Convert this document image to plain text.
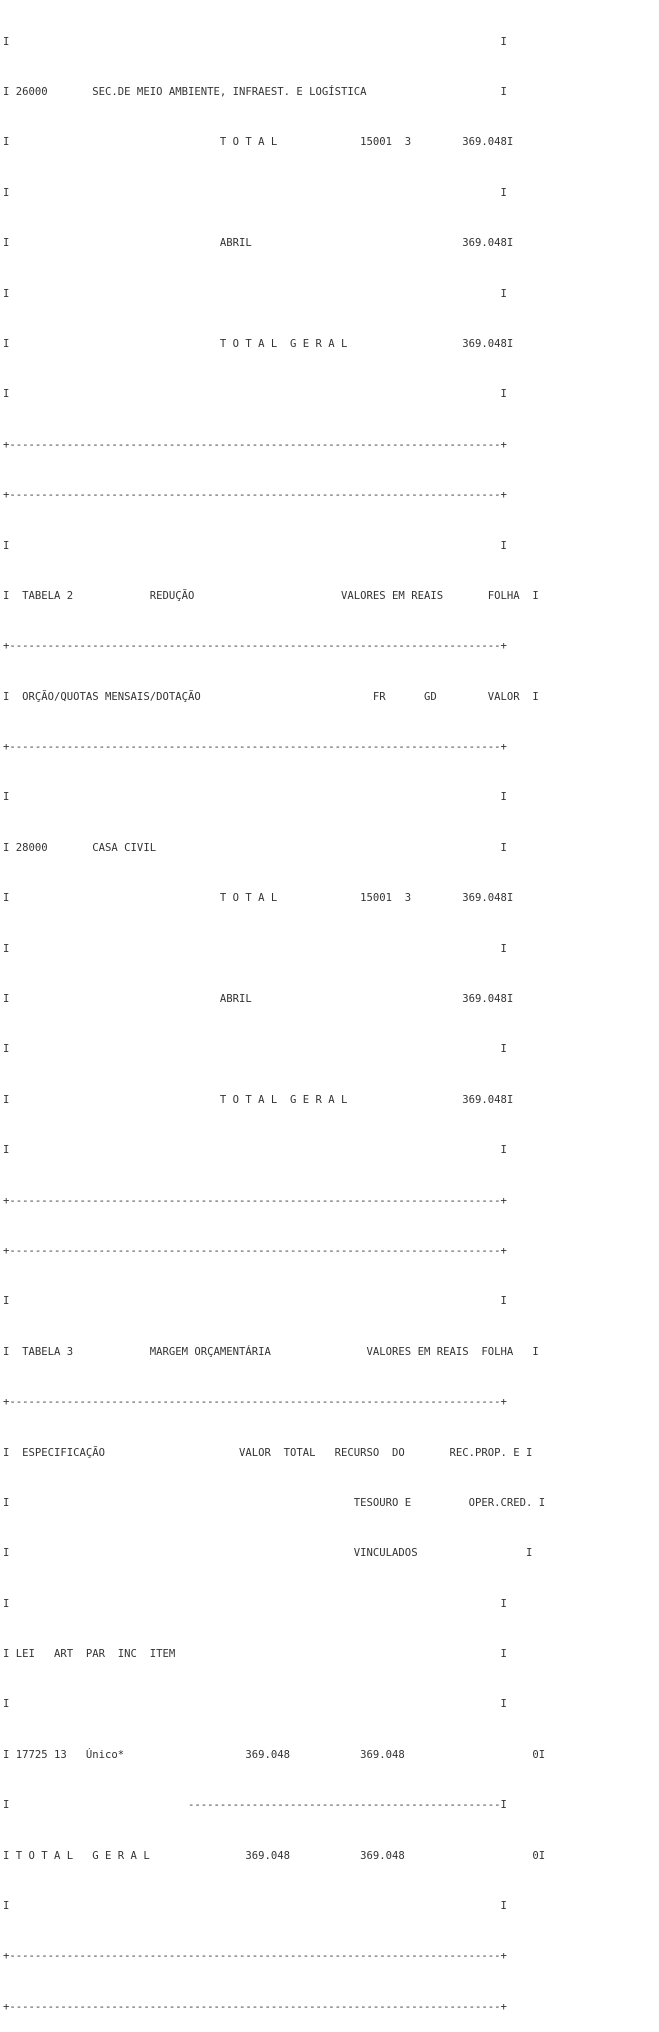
I                                                                             I

I 26000       SEC.DE MEIO AMBIENTE, INFRAEST. E LOGÍSTICA                     I

I                                 T O T A L             15001  3        369.048I

I                                                                             I

I                                 ABRIL                                 369.048I

I                                                                             I

I                                 T O T A L  G E R A L                  369.048I

I                                                                             I

+-----------------------------------------------------------------------------+

+-----------------------------------------------------------------------------+

I                                                                             I

I  TABELA 2            REDUÇÃO                       VALORES EM REAIS       FOLHA  I

+-----------------------------------------------------------------------------+

I  ORÇÃO/QUOTAS MENSAIS/DOTAÇÃO                           FR      GD        VALOR  I

+-----------------------------------------------------------------------------+

I                                                                             I

I 28000       CASA CIVIL                                                      I

I                                 T O T A L             15001  3        369.048I

I                                                                             I

I                                 ABRIL                                 369.048I

I                                                                             I

I                                 T O T A L  G E R A L                  369.048I

I                                                                             I

+-----------------------------------------------------------------------------+

+-----------------------------------------------------------------------------+

I                                                                             I

I  TABELA 3            MARGEM ORÇAMENTÁRIA               VALORES EM REAIS  FOLHA   I

+-----------------------------------------------------------------------------+

I  ESPECIFICAÇÃO                     VALOR  TOTAL   RECURSO  DO       REC.PROP. E I

I                                                      TESOURO E         OPER.CRED. I

I                                                      VINCULADOS                 I

I                                                                             I

I LEI   ART  PAR  INC  ITEM                                                   I

I                                                                             I

I 17725 13   Único*                   369.048           369.048                    0I

I                            -------------------------------------------------I

I T O T A L   G E R A L               369.048           369.048                    0I

I                                                                             I

+-----------------------------------------------------------------------------+

+-----------------------------------------------------------------------------+
